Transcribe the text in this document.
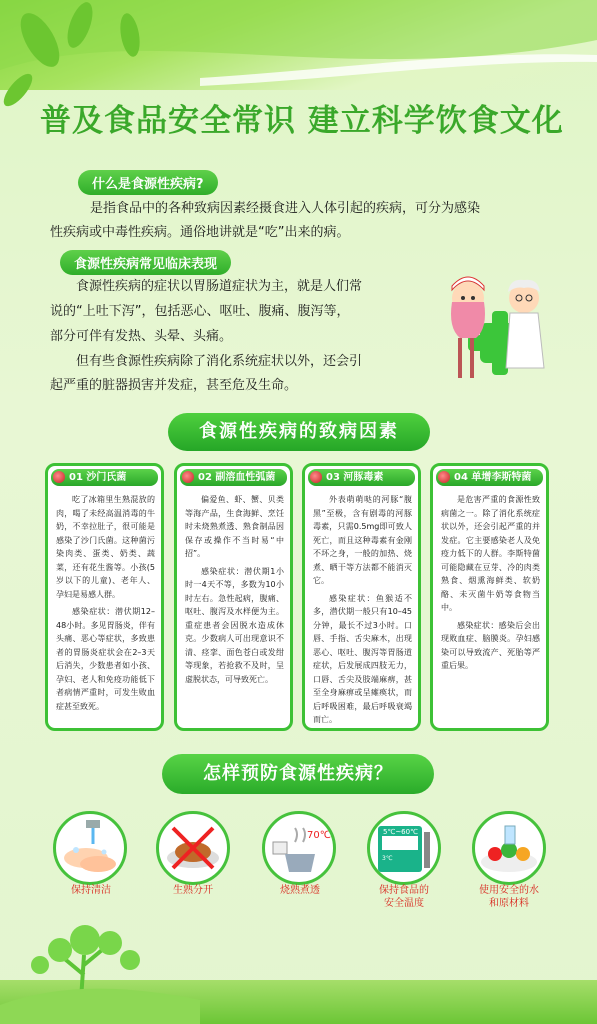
普及食品安全常识 建立科学饮食文化
什么是食源性疾病?
是指食品中的各种致病因素经摄食进入人体引起的疾病，可分为感染
性疾病或中毒性疾病。通俗地讲就是“吃”出来的病。
食源性疾病常见临床表现
食源性疾病的症状以胃肠道症状为主，就是人们常
说的“上吐下泻”，包括恶心、呕吐、腹痛、腹泻等，
部分可伴有发热、头晕、头痛。
但有些食源性疾病除了消化系统症状以外，还会引
起严重的脏器损害并发症，甚至危及生命。
食源性疾病的致病因素
01 沙门氏菌

吃了冰箱里生熟混放的肉，喝了未经高温消毒的牛奶，不幸拉肚子，很可能是感染了沙门氏菌。这种菌污染肉类、蛋类、奶类、蔬菜，还有花生酱等。小孩(5岁以下的儿童)、老年人、孕妇是易感人群。

感染症状：潜伏期12–48小时。多见胃肠炎，伴有头痛、恶心等症状，多致患者的胃肠炎症状会在2–3天后消失，少数患者如小孩、孕妇、老人和免疫功能低下者病情严重时，可发生败血症甚至致死。

02 副溶血性弧菌

偏爱鱼、虾、蟹、贝类等海产品，生食海鲜、烹饪时未烧熟煮透、熟食制品因保存或操作不当时易“中招”。

感染症状：潜伏期1小时一4天不等，多数为10小时左右。急性起病，腹痛、呕吐、腹泻及水样便为主。重症患者会因脱水造成休克。少数病人可出现意识不清、痉挛、面色苍白或发绀等现象，若抢救不及时，呈虚脱状态，可导致死亡。

03 河豚毒素

外表萌萌哒的河豚“腹黑”至极，含有剧毒的河豚毒素，只需0.5mg即可致人死亡，而且这种毒素有金刚不坏之身，一般的加热、烧煮、晒干等方法都不能消灭它。

感染症状：鱼猴适不多，潜伏期一般只有10–45分钟，最长不过3小时。口唇、手指、舌尖麻木，出现恶心、呕吐、腹泻等胃肠道症状，后发展成四肢无力，口唇、舌尖及肢端麻痹，甚至全身麻痹或呈瘫痪状，而后呼吸困难，最后呼吸衰竭而亡。

04 单增李斯特菌

是危害严重的食源性致病菌之一。除了消化系统症状以外，还会引起严重的并发症。它主要感染老人及免疫力低下的人群。李斯特菌可能隐藏在豆芽、冷的肉类熟食、烟熏海鲜类、软奶酪、未灭菌牛奶等食物当中。

感染症状：感染后会出现败血症、脑膜炎。孕妇感染可以导致流产、死胎等严重后果。

怎样预防食源性疾病？
保持清洁	生熟分开
70℃
烧熟煮透
5℃~60℃
3℃
保持食品的
安全温度
使用安全的水
和原材料
